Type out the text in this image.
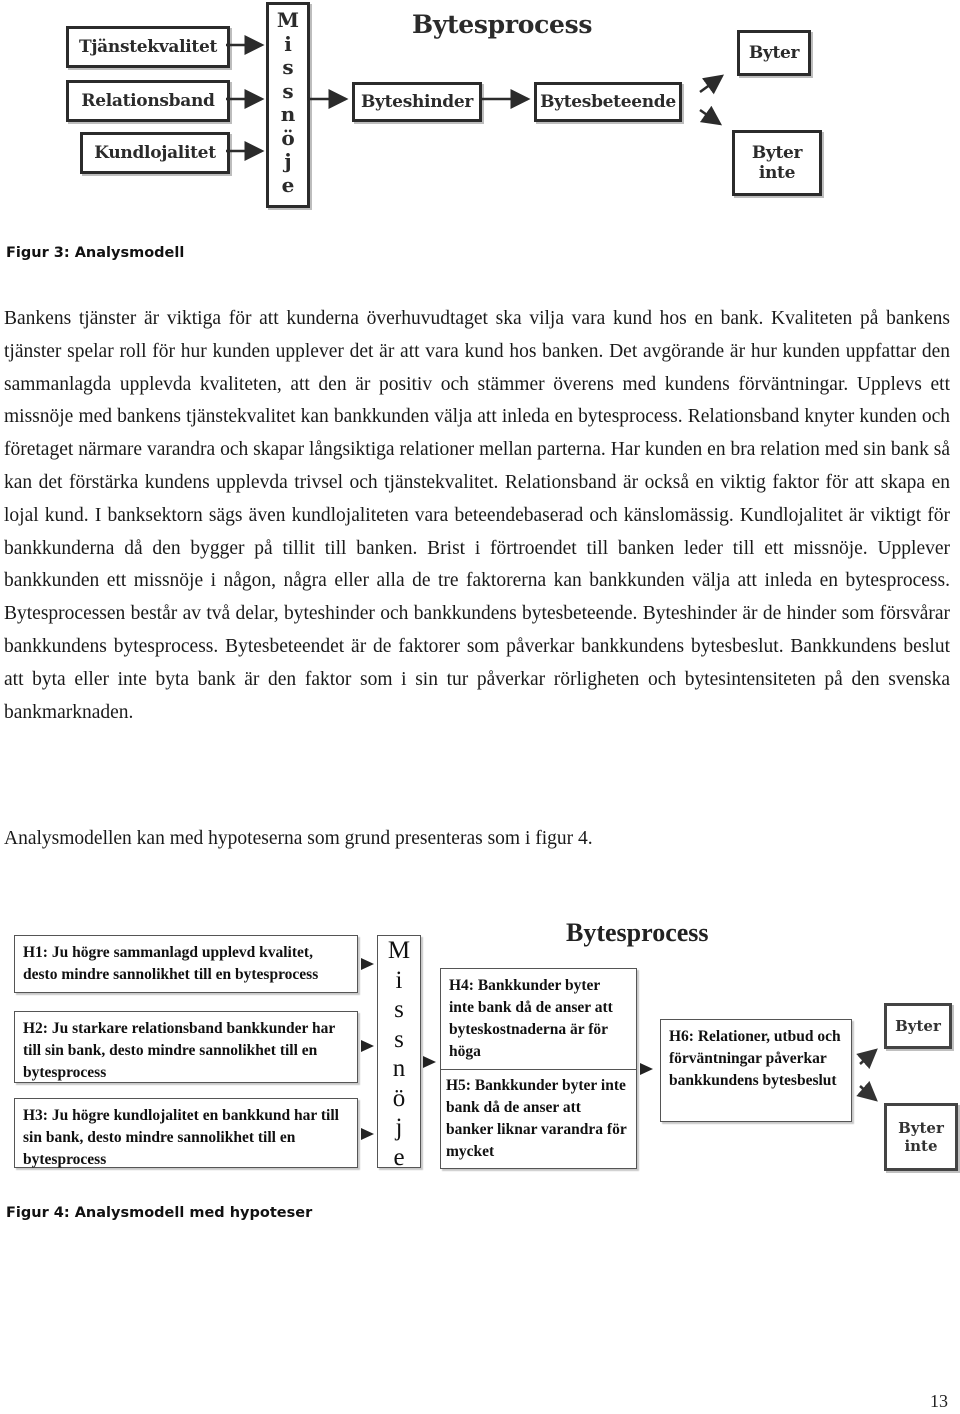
Tjänstekvalitet
Relationsband
Kundlojalitet
M
i
s
s
n
ö
j
e
Bytesprocess
Byteshinder	Bytesbeteende
Byter
Byter
inte
Figur 3: Analysmodell

Bankens tjänster är viktiga för att kunderna överhuvudtaget ska vilja vara kund hos en bank. Kvaliteten på bankens tjänster spelar roll för hur kunden upplever det är att vara kund hos banken. Det avgörande är hur kunden uppfattar den sammanlagda upplevda kvaliteten, att den är positiv och stämmer överens med kundens förväntningar. Upplevs ett missnöje med bankens tjänstekvalitet kan bankkunden välja att inleda en bytesprocess. Relationsband knyter kunden och företaget närmare varandra och skapar långsiktiga relationer mellan parterna. Har kunden en bra relation med sin bank så kan det förstärka kundens upplevda trivsel och tjänstekvalitet. Relationsband är också en viktig faktor för att skapa en lojal kund. I banksektorn sägs även kundlojaliteten vara beteendebaserad och känslomässig. Kundlojalitet är viktigt för bankkunderna då den bygger på tillit till banken. Brist i förtroendet till banken leder till ett missnöje. Upplever bankkunden ett missnöje i någon, några eller alla de tre faktorerna kan bankkunden välja att inleda en bytesprocess. Bytesprocessen består av två delar, byteshinder och bankkundens bytesbeteende. Byteshinder är de hinder som försvårar bankkundens bytesprocess. Bytesbeteendet är de faktorer som påverkar bankkundens bytesbeslut. Bankkundens beslut att byta eller inte byta bank är den faktor som i sin tur påverkar rörligheten och bytesintensiteten på den svenska bankmarknaden.

Analysmodellen kan med hypoteserna som grund presenteras som i figur 4.

H1: Ju högre sammanlagd upplevd kvalitet, desto mindre sannolikhet till en bytesprocess
H2: Ju starkare relationsband bankkunder har till sin bank, desto mindre sannolikhet till en bytesprocess
H3: Ju högre kundlojalitet en bankkund har till sin bank, desto mindre sannolikhet till en bytesprocess
M
i
s
s
n
ö
j
e
Bytesprocess
H4: Bankkunder byter inte bank då de anser att byteskostnaderna är för höga
H5: Bankkunder byter inte bank då de anser att banker liknar varandra för mycket
H6: Relationer, utbud och förväntningar påverkar bankkundens bytesbeslut
Byter
Byter
inte
Figur 4: Analysmodell med hypoteser
13
